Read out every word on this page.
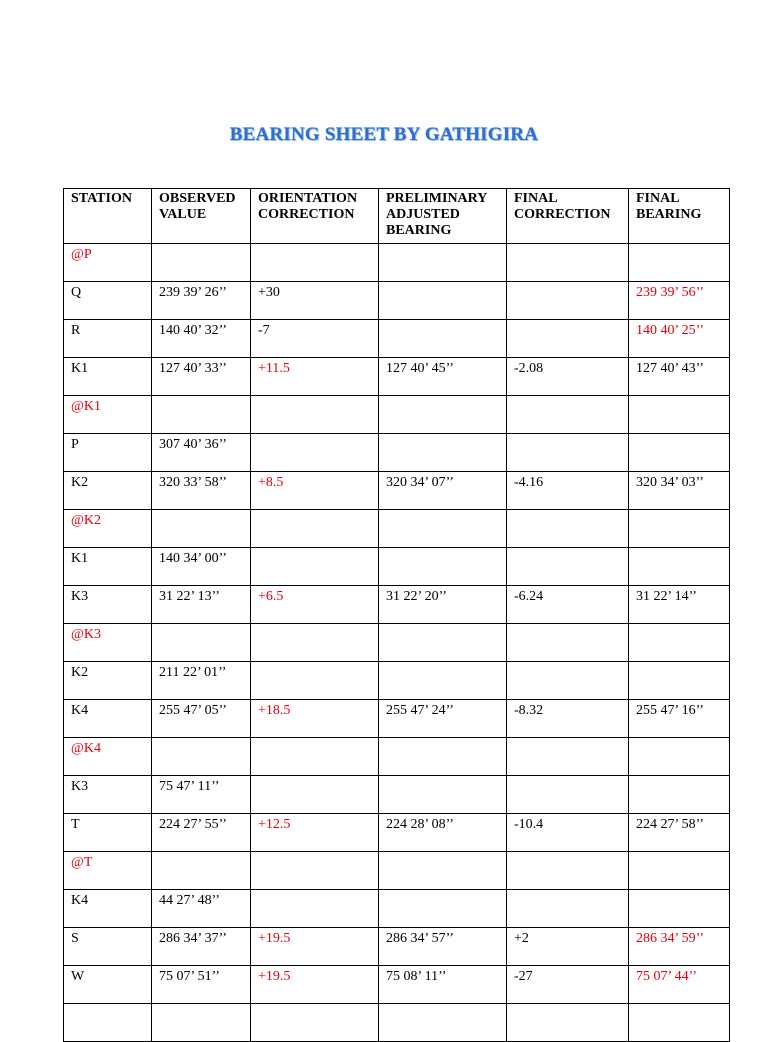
BEARING SHEET BY GATHIGIRA
STATION	OBSERVED VALUE	ORIENTATION CORRECTION	PRELIMINARY ADJUSTED BEARING	FINAL CORRECTION	FINAL BEARING
@P					
Q	239 39’ 26’’	+30			239 39’ 56’’
R	140 40’ 32’’	-7			140 40’ 25’’
K1	127 40’ 33’’	+11.5	127 40’ 45’’	-2.08	127 40’ 43’’
@K1					
P	307 40’ 36’’				
K2	320 33’ 58’’	+8.5	320 34’ 07’’	-4.16	320 34’ 03’’
@K2					
K1	140 34’ 00’’				
K3	31 22’ 13’’	+6.5	31 22’ 20’’	-6.24	31 22’ 14’’
@K3					
K2	211 22’ 01’’				
K4	255 47’ 05’’	+18.5	255 47’ 24’’	-8.32	255 47’ 16’’
@K4					
K3	75 47’ 11’’				
T	224 27’ 55’’	+12.5	224 28’ 08’’	-10.4	224 27’ 58’’
@T					
K4	44 27’ 48’’				
S	286 34’ 37’’	+19.5	286 34’ 57’’	+2	286 34’ 59’’
W	75 07’ 51’’	+19.5	75 08’ 11’’	-27	75 07’ 44’’
